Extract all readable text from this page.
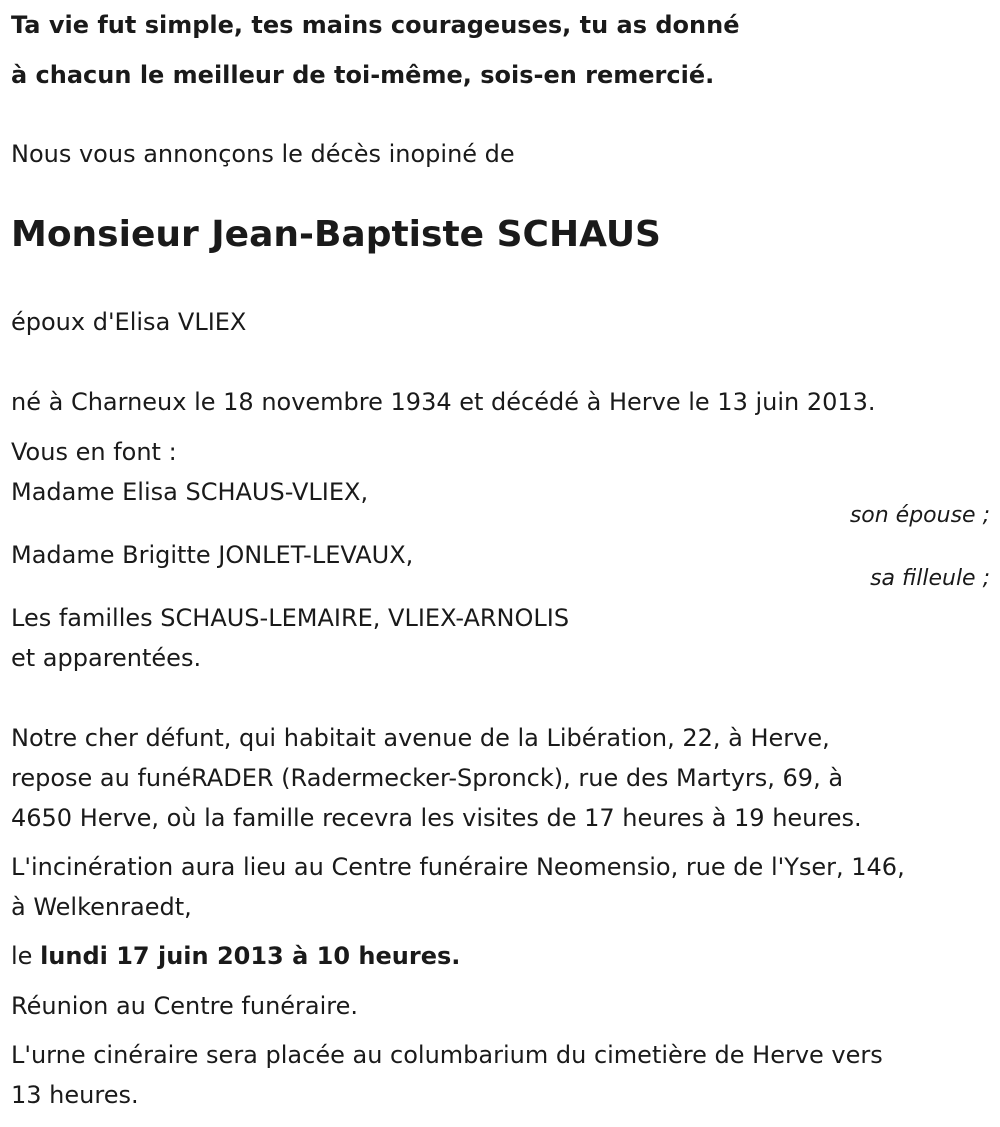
Ta vie fut simple, tes mains courageuses, tu as donné
à chacun le meilleur de toi-même, sois-en remercié.
Nous vous annonçons le décès inopiné de
Monsieur Jean-Baptiste SCHAUS
époux d'Elisa VLIEX
né à Charneux le 18 novembre 1934 et décédé à Herve le 13 juin 2013.
Vous en font :
Madame Elisa SCHAUS-VLIEX,
son épouse ;
Madame Brigitte JONLET-LEVAUX,
sa filleule ;
Les familles SCHAUS-LEMAIRE, VLIEX-ARNOLIS
et apparentées.
Notre cher défunt, qui habitait avenue de la Libération, 22, à Herve,
repose au funéRADER (Radermecker-Spronck), rue des Martyrs, 69, à
4650 Herve, où la famille recevra les visites de 17 heures à 19 heures.
L'incinération aura lieu au Centre funéraire Neomensio, rue de l'Yser, 146,
à Welkenraedt,
le lundi 17 juin 2013 à 10 heures.
Réunion au Centre funéraire.
L'urne cinéraire sera placée au columbarium du cimetière de Herve vers
13 heures.
